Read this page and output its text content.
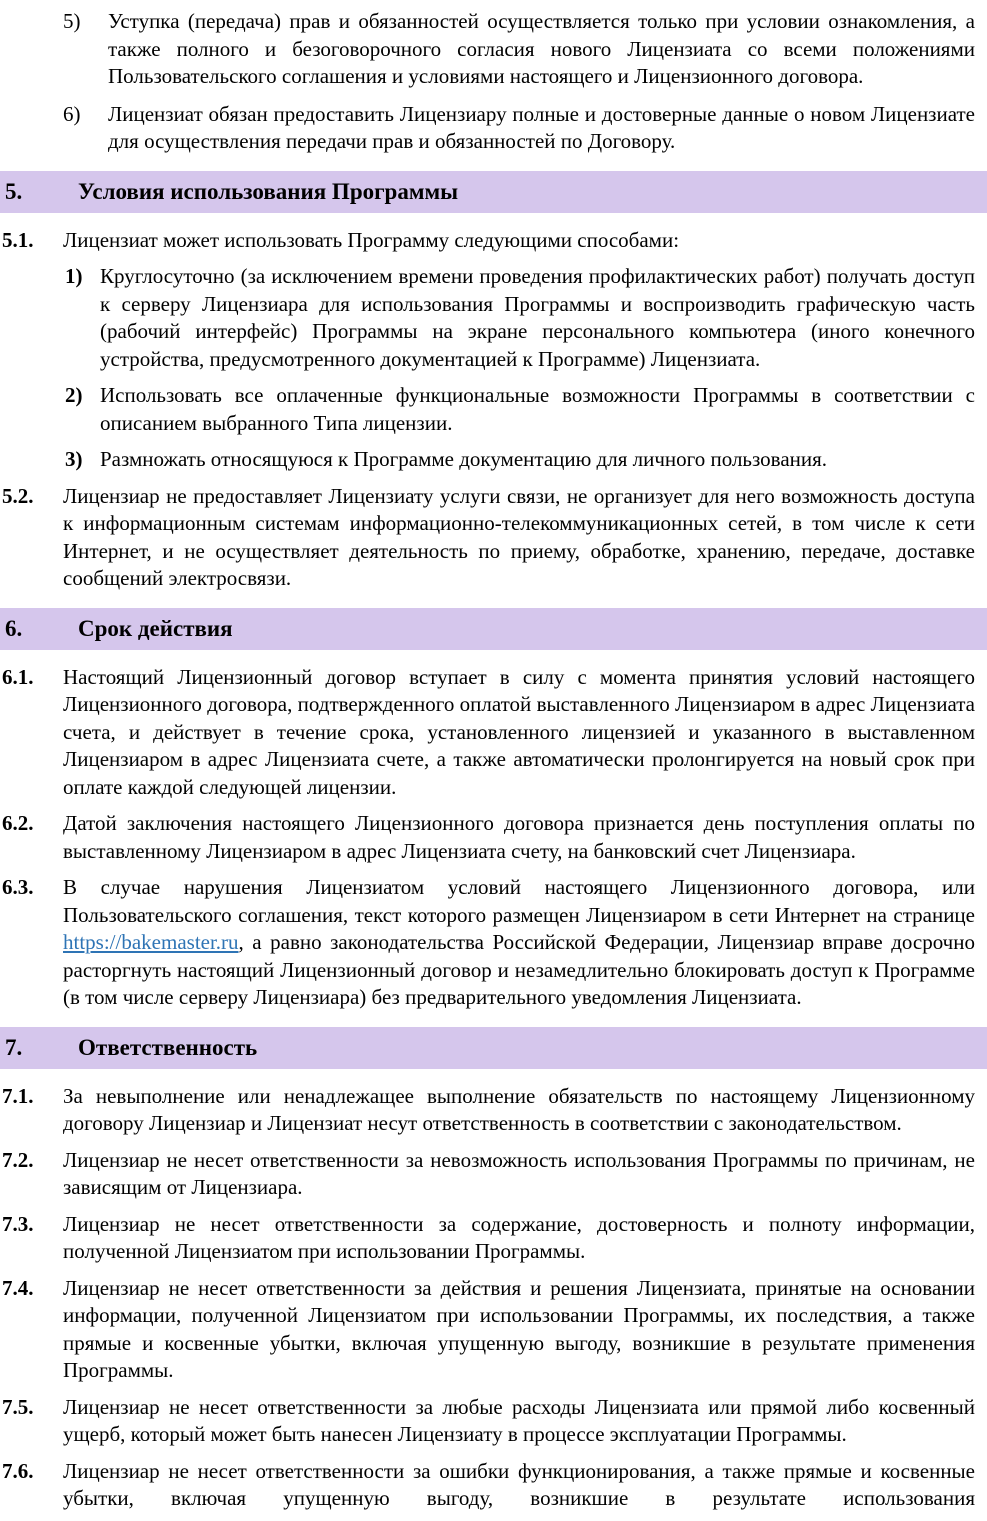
5) Уступка (передача) прав и обязанностей осуществляется только при условии ознакомления, а также полного и безоговорочного согласия нового Лицензиата со всеми положениями Пользовательского соглашения и условиями настоящего и Лицензионного договора.

6) Лицензиат обязан предоставить Лицензиару полные и достоверные данные о новом Лицензиате для осуществления передачи прав и обязанностей по Договору.

5. Условия использования Программы

5.1. Лицензиат может использовать Программу следующими способами:

1) Круглосуточно (за исключением времени проведения профилактических работ) получать доступ к серверу Лицензиара для использования Программы и воспроизводить графическую часть (рабочий интерфейс) Программы на экране персонального компьютера (иного конечного устройства, предусмотренного документацией к Программе) Лицензиата.

2) Использовать все оплаченные функциональные возможности Программы в соответствии с описанием выбранного Типа лицензии.

3) Размножать относящуюся к Программе документацию для личного пользования.

5.2. Лицензиар не предоставляет Лицензиату услуги связи, не организует для него возможность доступа к информационным системам информационно-телекоммуникационных сетей, в том числе к сети Интернет, и не осуществляет деятельность по приему, обработке, хранению, передаче, доставке сообщений электросвязи.

6. Срок действия

6.1. Настоящий Лицензионный договор вступает в силу с момента принятия условий настоящего Лицензионного договора, подтвержденного оплатой выставленного Лицензиаром в адрес Лицензиата счета, и действует в течение срока, установленного лицензией и указанного в выставленном Лицензиаром в адрес Лицензиата счете, а также автоматически пролонгируется на новый срок при оплате каждой следующей лицензии.

6.2. Датой заключения настоящего Лицензионного договора признается день поступления оплаты по выставленному Лицензиаром в адрес Лицензиата счету, на банковский счет Лицензиара.

6.3. В случае нарушения Лицензиатом условий настоящего Лицензионного договора, или Пользовательского соглашения, текст которого размещен Лицензиаром в сети Интернет на странице https://bakemaster.ru, а равно законодательства Российской Федерации, Лицензиар вправе досрочно расторгнуть настоящий Лицензионный договор и незамедлительно блокировать доступ к Программе (в том числе серверу Лицензиара) без предварительного уведомления Лицензиата.

7. Ответственность

7.1. За невыполнение или ненадлежащее выполнение обязательств по настоящему Лицензионному договору Лицензиар и Лицензиат несут ответственность в соответствии с законодательством.

7.2. Лицензиар не несет ответственности за невозможность использования Программы по причинам, не зависящим от Лицензиара.

7.3. Лицензиар не несет ответственности за содержание, достоверность и полноту информации, полученной Лицензиатом при использовании Программы.

7.4. Лицензиар не несет ответственности за действия и решения Лицензиата, принятые на основании информации, полученной Лицензиатом при использовании Программы, их последствия, а также прямые и косвенные убытки, включая упущенную выгоду, возникшие в результате применения Программы.

7.5. Лицензиар не несет ответственности за любые расходы Лицензиата или прямой либо косвенный ущерб, который может быть нанесен Лицензиату в процессе эксплуатации Программы.

7.6. Лицензиар не несет ответственности за ошибки функционирования, а также прямые и косвенные убытки, включая упущенную выгоду, возникшие в результате использования
